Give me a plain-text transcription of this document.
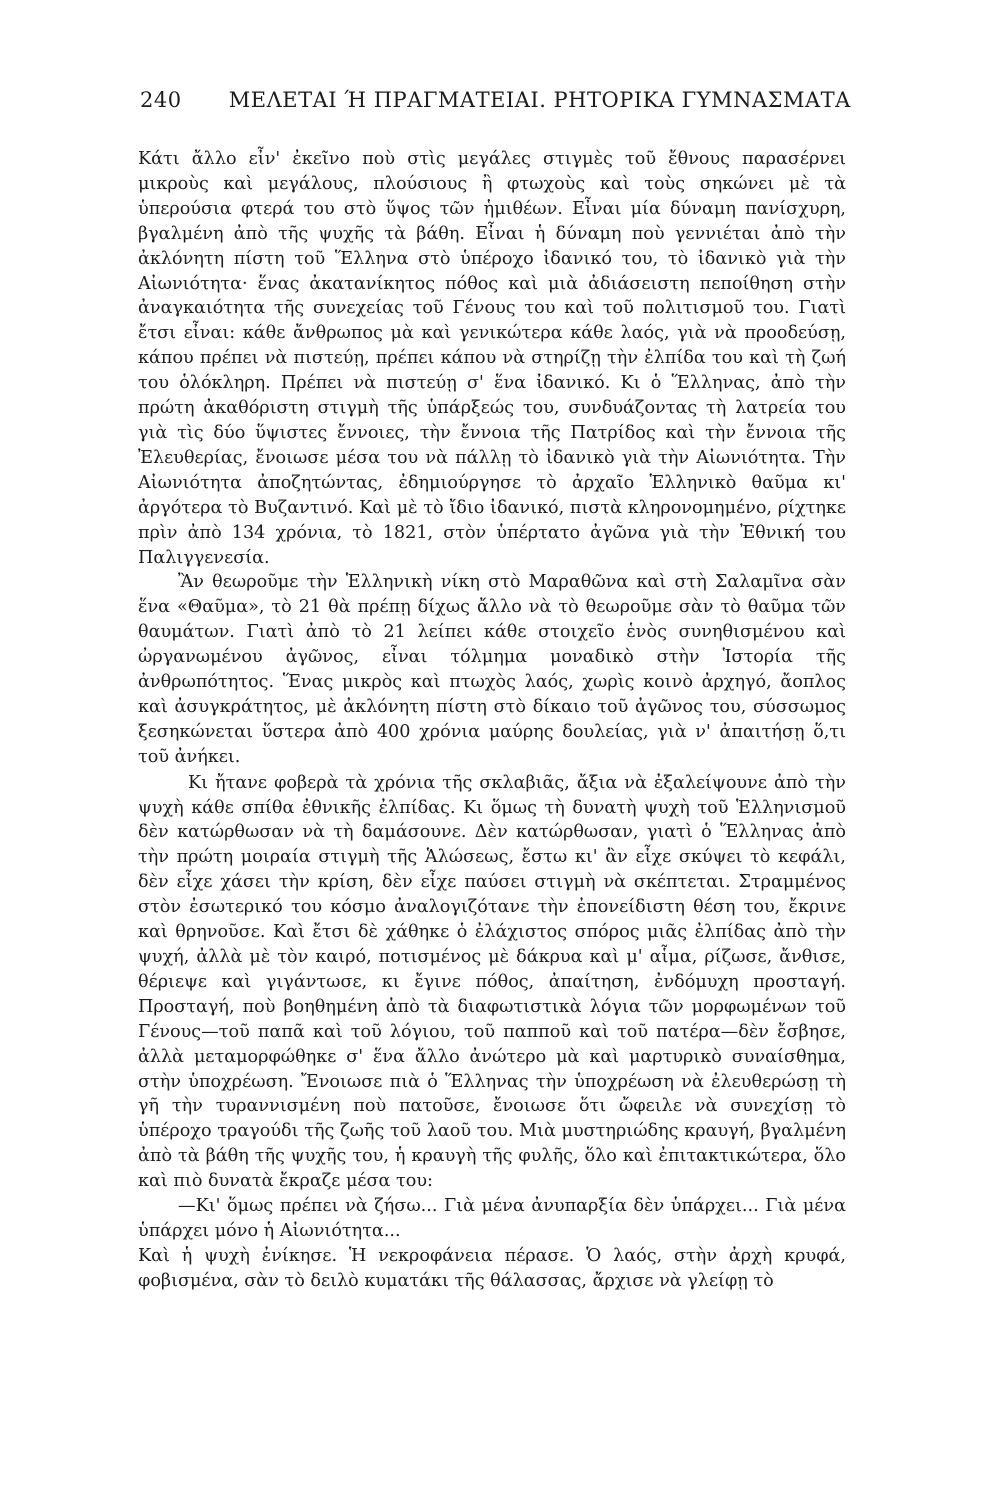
240 ΜΕΛΕΤΑΙ Ή ΠΡΑΓΜΑΤΕΙΑΙ. ΡΗΤΟΡΙΚΑ ΓΥΜΝΑΣΜΑΤΑ

Κάτι ἄλλο εἶν' ἐκεῖνο ποὺ στὶς μεγάλες στιγμὲς τοῦ ἔθνους παρασέρνει μικροὺς καὶ μεγάλους, πλούσιους ἢ φτωχοὺς καὶ τοὺς σηκώνει μὲ τὰ ὑπερούσια φτερά του στὸ ὕψος τῶν ἡμιθέων. Εἶναι μία δύναμη πανίσχυρη, βγαλμένη ἀπὸ τῆς ψυχῆς τὰ βάθη. Εἶναι ἡ δύναμη ποὺ γεννιέται ἀπὸ τὴν ἀκλόνητη πίστη τοῦ Ἕλληνα στὸ ὑπέροχο ἰδανικό του, τὸ ἰδανικὸ γιὰ τὴν Αἰωνιότητα· ἕνας ἀκατανίκητος πόθος καὶ μιὰ ἀδιάσειστη πεποίθηση στὴν ἀναγκαιότητα τῆς συνεχείας τοῦ Γένους του καὶ τοῦ πολιτισμοῦ του. Γιατὶ ἔτσι εἶναι: κάθε ἄνθρωπος μὰ καὶ γενικώτερα κάθε λαός, γιὰ νὰ προοδεύσῃ, κάπου πρέπει νὰ πιστεύῃ, πρέπει κάπου νὰ στηρίζῃ τὴν ἐλπίδα του καὶ τὴ ζωή του ὁλόκληρη. Πρέπει νὰ πιστεύῃ σ' ἕνα ἰδανικό. Κι ὁ Ἕλληνας, ἀπὸ τὴν πρώτη ἀκαθόριστη στιγμὴ τῆς ὑπάρξεώς του, συνδυάζοντας τὴ λατρεία του γιὰ τὶς δύο ὕψιστες ἔννοιες, τὴν ἔννοια τῆς Πατρίδος καὶ τὴν ἔννοια τῆς Ἐλευθερίας, ἔνοιωσε μέσα του νὰ πάλλῃ τὸ ἰδανικὸ γιὰ τὴν Αἰωνιότητα. Τὴν Αἰωνιότητα ἀποζητώντας, ἐδημιούργησε τὸ ἀρχαῖο Ἑλληνικὸ θαῦμα κι' ἀργότερα τὸ Βυζαντινό. Καὶ μὲ τὸ ἴδιο ἰδανικό, πιστὰ κληρονομημένο, ρίχτηκε πρὶν ἀπὸ 134 χρόνια, τὸ 1821, στὸν ὑπέρτατο ἀγῶνα γιὰ τὴν Ἐθνική του Παλιγγενεσία.

Ἂν θεωροῦμε τὴν Ἑλληνικὴ νίκη στὸ Μαραθῶνα καὶ στὴ Σαλαμῖνα σὰν ἕνα «Θαῦμα», τὸ 21 θὰ πρέπῃ δίχως ἄλλο νὰ τὸ θεωροῦμε σὰν τὸ θαῦμα τῶν θαυμάτων. Γιατὶ ἀπὸ τὸ 21 λείπει κάθε στοιχεῖο ἑνὸς συνηθισμένου καὶ ὠργανωμένου ἀγῶνος, εἶναι τόλμημα μοναδικὸ στὴν Ἱστορία τῆς ἀνθρωπότητος. Ἕνας μικρὸς καὶ πτωχὸς λαός, χωρὶς κοινὸ ἀρχηγό, ἄοπλος καὶ ἀσυγκράτητος, μὲ ἀκλόνητη πίστη στὸ δίκαιο τοῦ ἀγῶνος του, σύσσωμος ξεσηκώνεται ὕστερα ἀπὸ 400 χρόνια μαύρης δουλείας, γιὰ ν' ἀπαιτήσῃ ὅ,τι τοῦ ἀνήκει.

Κι ἤτανε φοβερὰ τὰ χρόνια τῆς σκλαβιᾶς, ἄξια νὰ ἐξαλείψουνε ἀπὸ τὴν ψυχὴ κάθε σπίθα ἐθνικῆς ἐλπίδας. Κι ὅμως τὴ δυνατὴ ψυχὴ τοῦ Ἑλληνισμοῦ δὲν κατώρθωσαν νὰ τὴ δαμάσουνε. Δὲν κατώρθωσαν, γιατὶ ὁ Ἕλληνας ἀπὸ τὴν πρώτη μοιραία στιγμὴ τῆς Ἁλώσεως, ἔστω κι' ἂν εἶχε σκύψει τὸ κεφάλι, δὲν εἶχε χάσει τὴν κρίση, δὲν εἶχε παύσει στιγμὴ νὰ σκέπτεται. Στραμμένος στὸν ἐσωτερικό του κόσμο ἀναλογιζότανε τὴν ἐπονείδιστη θέση του, ἔκρινε καὶ θρηνοῦσε. Καὶ ἔτσι δὲ χάθηκε ὁ ἐλάχιστος σπόρος μιᾶς ἐλπίδας ἀπὸ τὴν ψυχή, ἀλλὰ μὲ τὸν καιρό, ποτισμένος μὲ δάκρυα καὶ μ' αἷμα, ρίζωσε, ἄνθισε, θέριεψε καὶ γιγάντωσε, κι ἔγινε πόθος, ἀπαίτηση, ἐνδόμυχη προσταγή. Προσταγή, ποὺ βοηθημένη ἀπὸ τὰ διαφωτιστικὰ λόγια τῶν μορφωμένων τοῦ Γένους—τοῦ παπᾶ καὶ τοῦ λόγιου, τοῦ παπποῦ καὶ τοῦ πατέρα—δὲν ἔσβησε, ἀλλὰ μεταμορφώθηκε σ' ἕνα ἄλλο ἀνώτερο μὰ καὶ μαρτυρικὸ συναίσθημα, στὴν ὑποχρέωση. Ἔνοιωσε πιὰ ὁ Ἕλληνας τὴν ὑποχρέωση νὰ ἐλευθερώσῃ τὴ γῆ τὴν τυραννισμένη ποὺ πατοῦσε, ἔνοιωσε ὅτι ὤφειλε νὰ συνεχίσῃ τὸ ὑπέροχο τραγούδι τῆς ζωῆς τοῦ λαοῦ του. Μιὰ μυστηριώδης κραυγή, βγαλμένη ἀπὸ τὰ βάθη τῆς ψυχῆς του, ἡ κραυγὴ τῆς φυλῆς, ὅλο καὶ ἐπιτακτικώτερα, ὅλο καὶ πιὸ δυνατὰ ἔκραζε μέσα του:

—Κι' ὅμως πρέπει νὰ ζήσω... Γιὰ μένα ἀνυπαρξία δὲν ὑπάρχει... Γιὰ μένα ὑπάρχει μόνο ἡ Αἰωνιότητα...

Καὶ ἡ ψυχὴ ἐνίκησε. Ἡ νεκροφάνεια πέρασε. Ὁ λαός, στὴν ἀρχὴ κρυφά, φοβισμένα, σὰν τὸ δειλὸ κυματάκι τῆς θάλασσας, ἄρχισε νὰ γλείφῃ τὸ
